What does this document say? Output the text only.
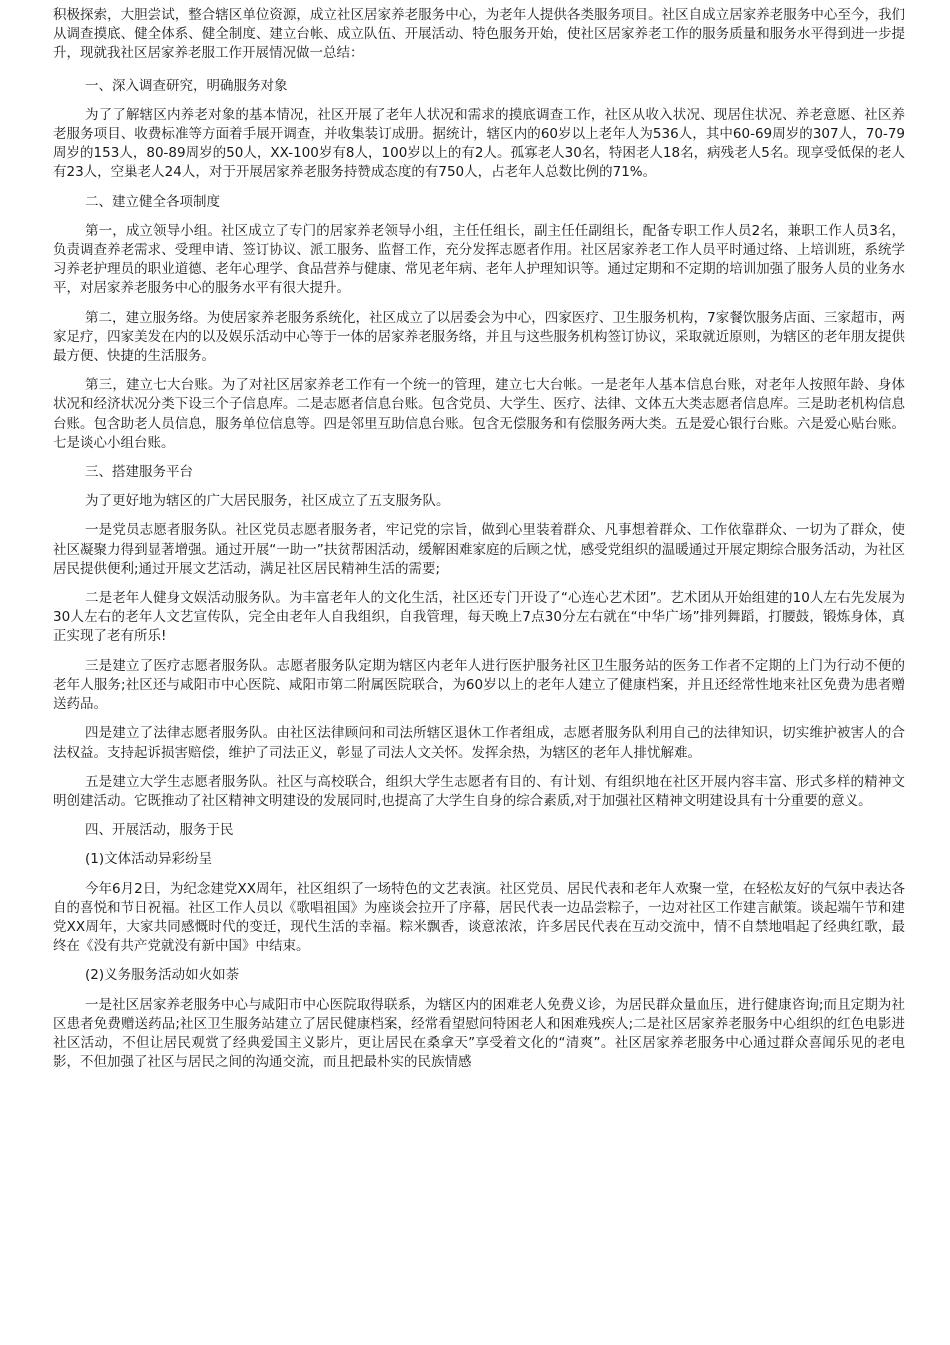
积极探索，大胆尝试，整合辖区单位资源，成立社区居家养老服务中心，为老年人提供各类服务项目。社区自成立居家养老服务中心至今，我们从调查摸底、健全体系、健全制度、建立台帐、成立队伍、开展活动、特色服务开始，使社区居家养老工作的服务质量和服务水平得到进一步提升，现就我社区居家养老服工作开展情况做一总结：

一、深入调查研究，明确服务对象

为了了解辖区内养老对象的基本情况，社区开展了老年人状况和需求的摸底调查工作，社区从收入状况、现居住状况、养老意愿、社区养老服务项目、收费标准等方面着手展开调查，并收集装订成册。据统计，辖区内的60岁以上老年人为536人，其中60-69周岁的307人，70-79周岁的153人，80-89周岁的50人，XX-100岁有8人，100岁以上的有2人。孤寡老人30名，特困老人18名，病残老人5名。现享受低保的老人有23人，空巢老人24人，对于开展居家养老服务持赞成态度的有750人，占老年人总数比例的71%。

二、建立健全各项制度

第一，成立领导小组。社区成立了专门的居家养老领导小组，主任任组长，副主任任副组长，配备专职工作人员2名，兼职工作人员3名，负责调查养老需求、受理申请、签订协议、派工服务、监督工作，充分发挥志愿者作用。社区居家养老工作人员平时通过络、上培训班，系统学习养老护理员的职业道德、老年心理学、食品营养与健康、常见老年病、老年人护理知识等。通过定期和不定期的培训加强了服务人员的业务水平，对居家养老服务中心的服务水平有很大提升。

第二，建立服务络。为使居家养老服务系统化，社区成立了以居委会为中心，四家医疗、卫生服务机构，7家餐饮服务店面、三家超市，两家足疗，四家美发在内的以及娱乐活动中心等于一体的居家养老服务络，并且与这些服务机构签订协议，采取就近原则，为辖区的老年朋友提供最方便、快捷的生活服务。

第三，建立七大台账。为了对社区居家养老工作有一个统一的管理，建立七大台帐。一是老年人基本信息台账，对老年人按照年龄、身体状况和经济状况分类下设三个子信息库。二是志愿者信息台账。包含党员、大学生、医疗、法律、文体五大类志愿者信息库。三是助老机构信息台账。包含助老人员信息，服务单位信息等。四是邻里互助信息台账。包含无偿服务和有偿服务两大类。五是爱心银行台账。六是爱心贴台账。七是谈心小组台账。

三、搭建服务平台

为了更好地为辖区的广大居民服务，社区成立了五支服务队。

一是党员志愿者服务队。社区党员志愿者服务者，牢记党的宗旨，做到心里装着群众、凡事想着群众、工作依靠群众、一切为了群众，使社区凝聚力得到显著增强。通过开展“一助一”扶贫帮困活动，缓解困难家庭的后顾之忧，感受党组织的温暖通过开展定期综合服务活动，为社区居民提供便利;通过开展文艺活动，满足社区居民精神生活的需要;

二是老年人健身文娱活动服务队。为丰富老年人的文化生活，社区还专门开设了“心连心艺术团”。艺术团从开始组建的10人左右先发展为30人左右的老年人文艺宣传队，完全由老年人自我组织，自我管理，每天晚上7点30分左右就在“中华广场”排列舞蹈，打腰鼓，锻炼身体，真正实现了老有所乐!

三是建立了医疗志愿者服务队。志愿者服务队定期为辖区内老年人进行医护服务社区卫生服务站的医务工作者不定期的上门为行动不便的老年人服务;社区还与咸阳市中心医院、咸阳市第二附属医院联合，为60岁以上的老年人建立了健康档案，并且还经常性地来社区免费为患者赠送药品。

四是建立了法律志愿者服务队。由社区法律顾问和司法所辖区退休工作者组成，志愿者服务队利用自己的法律知识，切实维护被害人的合法权益。支持起诉损害赔偿，维护了司法正义，彰显了司法人文关怀。发挥余热，为辖区的老年人排忧解难。

五是建立大学生志愿者服务队。社区与高校联合，组织大学生志愿者有目的、有计划、有组织地在社区开展内容丰富、形式多样的精神文明创建活动。它既推动了社区精神文明建设的发展同时,也提高了大学生自身的综合素质,对于加强社区精神文明建设具有十分重要的意义。

四、开展活动，服务于民

(1)文体活动异彩纷呈

今年6月2日，为纪念建党XX周年，社区组织了一场特色的文艺表演。社区党员、居民代表和老年人欢聚一堂，在轻松友好的气氛中表达各自的喜悦和节日祝福。社区工作人员以《歌唱祖国》为座谈会拉开了序幕，居民代表一边品尝粽子，一边对社区工作建言献策。谈起端午节和建党XX周年，大家共同感慨时代的变迁，现代生活的幸福。粽米飘香，谈意浓浓，许多居民代表在互动交流中，情不自禁地唱起了经典红歌，最终在《没有共产党就没有新中国》中结束。

(2)义务服务活动如火如荼

一是社区居家养老服务中心与咸阳市中心医院取得联系，为辖区内的困难老人免费义诊，为居民群众量血压，进行健康咨询;而且定期为社区患者免费赠送药品;社区卫生服务站建立了居民健康档案，经常看望慰问特困老人和困难残疾人;二是社区居家养老服务中心组织的红色电影进社区活动，不但让居民观赏了经典爱国主义影片，更让居民在桑拿天”享受着文化的“清爽”。社区居家养老服务中心通过群众喜闻乐见的老电影，不但加强了社区与居民之间的沟通交流，而且把最朴实的民族情感
